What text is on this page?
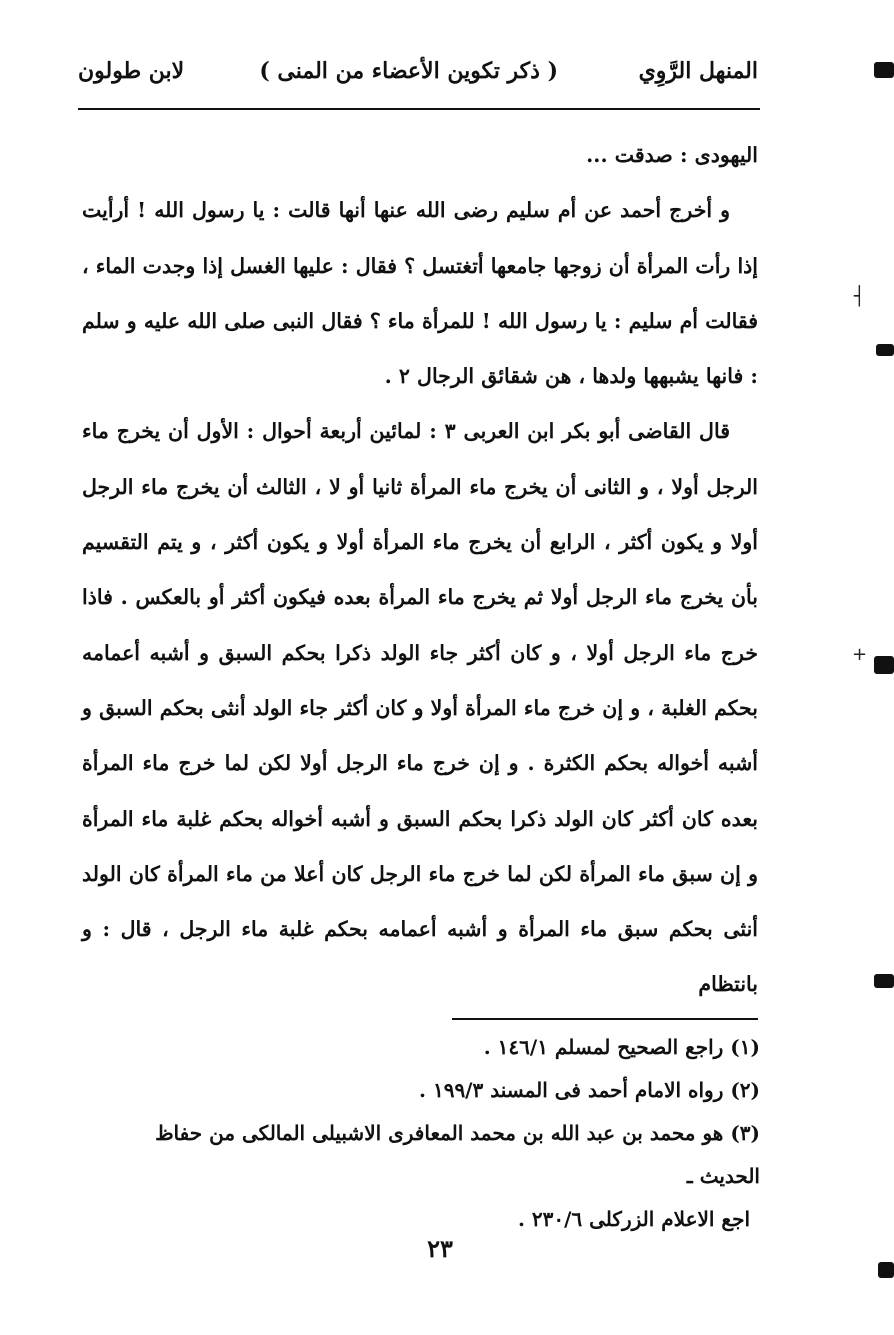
المنهل الرَّوِي
( ذكر تكوين الأعضاء من المنى )
لابن طولون

اليهودى : صدقت ...

و أخرج أحمد عن أم سليم رضى الله عنها أنها قالت : يا رسول الله ! أرأيت إذا رأت المرأة أن زوجها جامعها أتغتسل ؟ فقال : عليها الغسل إذا وجدت الماء ، فقالت أم سليم : يا رسول الله ! للمرأة ماء ؟ فقال النبى صلى الله عليه و سلم : فانها يشبهها ولدها ، هن شقائق الرجال ٢ .

قال القاضى أبو بكر ابن العربى ٣ : لمائين أربعة أحوال : الأول أن يخرج ماء الرجل أولا ، و الثانى أن يخرج ماء المرأة ثانيا أو لا ، الثالث أن يخرج ماء الرجل أولا و يكون أكثر ، الرابع أن يخرج ماء المرأة أولا و يكون أكثر ، و يتم التقسيم بأن يخرج ماء الرجل أولا ثم يخرج ماء المرأة بعده فيكون أكثر أو بالعكس . فاذا خرج ماء الرجل أولا ، و كان أكثر جاء الولد ذكرا بحكم السبق و أشبه أعمامه بحكم الغلبة ، و إن خرج ماء المرأة أولا و كان أكثر جاء الولد أنثى بحكم السبق و أشبه أخواله بحكم الكثرة . و إن خرج ماء الرجل أولا لكن لما خرج ماء المرأة بعده كان أكثر كان الولد ذكرا بحكم السبق و أشبه أخواله بحكم غلبة ماء المرأة و إن سبق ماء المرأة لكن لما خرج ماء الرجل كان أعلا من ماء المرأة كان الولد أنثى بحكم سبق ماء المرأة و أشبه أعمامه بحكم غلبة ماء الرجل ، قال : و بانتظام

(١) راجع الصحيح لمسلم ١٤٦/١ .

(٢) رواه الامام أحمد فى المسند ١٩٩/٣ .

(٣) هو محمد بن عبد الله بن محمد المعافرى الاشبيلى المالكى من حفاظ الحديث ـ

اجع الاعلام الزركلى ٢٣٠/٦ .

٢٣
┤
+
